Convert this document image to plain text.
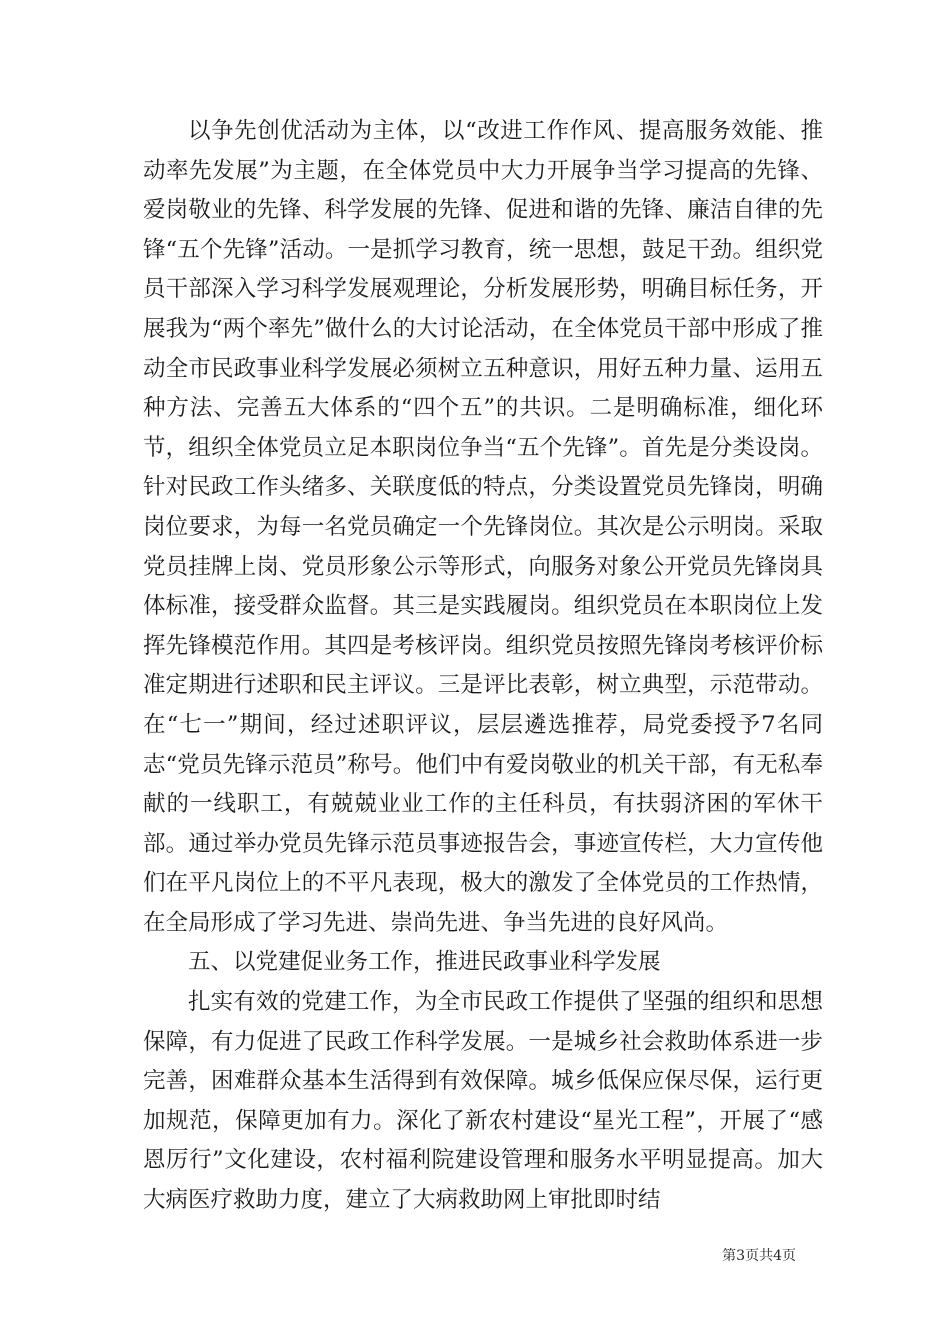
以争先创优活动为主体，以“改进工作作风、提高服务效能、推动率先发展”为主题，在全体党员中大力开展争当学习提高的先锋、爱岗敬业的先锋、科学发展的先锋、促进和谐的先锋、廉洁自律的先锋“五个先锋”活动。一是抓学习教育，统一思想，鼓足干劲。组织党员干部深入学习科学发展观理论，分析发展形势，明确目标任务，开展我为“两个率先”做什么的大讨论活动，在全体党员干部中形成了推动全市民政事业科学发展必须树立五种意识，用好五种力量、运用五种方法、完善五大体系的“四个五”的共识。二是明确标准，细化环节，组织全体党员立足本职岗位争当“五个先锋”。首先是分类设岗。针对民政工作头绪多、关联度低的特点，分类设置党员先锋岗，明确岗位要求，为每一名党员确定一个先锋岗位。其次是公示明岗。采取党员挂牌上岗、党员形象公示等形式，向服务对象公开党员先锋岗具体标准，接受群众监督。其三是实践履岗。组织党员在本职岗位上发挥先锋模范作用。其四是考核评岗。组织党员按照先锋岗考核评价标准定期进行述职和民主评议。三是评比表彰，树立典型，示范带动。在“七一”期间，经过述职评议，层层遴选推荐，局党委授予7名同志“党员先锋示范员”称号。他们中有爱岗敬业的机关干部，有无私奉献的一线职工，有兢兢业业工作的主任科员，有扶弱济困的军休干部。通过举办党员先锋示范员事迹报告会，事迹宣传栏，大力宣传他们在平凡岗位上的不平凡表现，极大的激发了全体党员的工作热情，在全局形成了学习先进、崇尚先进、争当先进的良好风尚。

五、以党建促业务工作，推进民政事业科学发展

扎实有效的党建工作，为全市民政工作提供了坚强的组织和思想保障，有力促进了民政工作科学发展。一是城乡社会救助体系进一步完善，困难群众基本生活得到有效保障。城乡低保应保尽保，运行更加规范，保障更加有力。深化了新农村建设“星光工程”，开展了“感恩厉行”文化建设，农村福利院建设管理和服务水平明显提高。加大大病医疗救助力度，建立了大病救助网上审批即时结

第3页共4页
